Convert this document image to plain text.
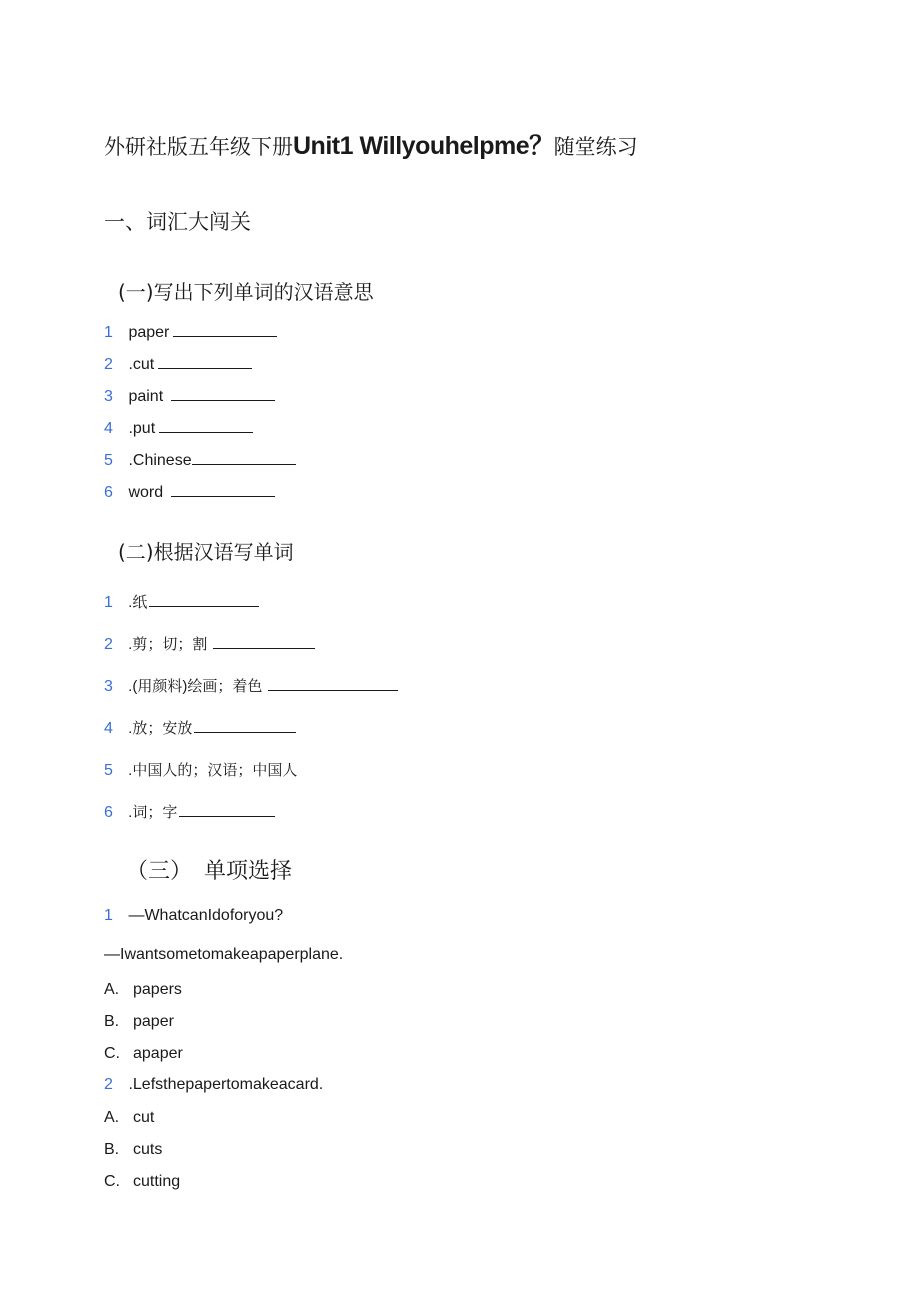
外研社版五年级下册Unit1 Willyouhelpme？随堂练习
一、词汇大闯关
(一)写出下列单词的汉语意思
1 paper
2 .cut
3 paint
4 .put
5 .Chinese
6 word
(二)根据汉语写单词
1 .纸
2 .剪；切；割
3 .(用颜料)绘画；着色
4 .放；安放
5 .中国人的；汉语；中国人
6 .词；字
（三） 单项选择
1 —WhatcanIdoforyou?
—Iwantsometomakeapaperplane.
A. papers
B. paper
C. apaper
2 .Lefsthepapertomakeacard.
A. cut
B. cuts
C. cutting
